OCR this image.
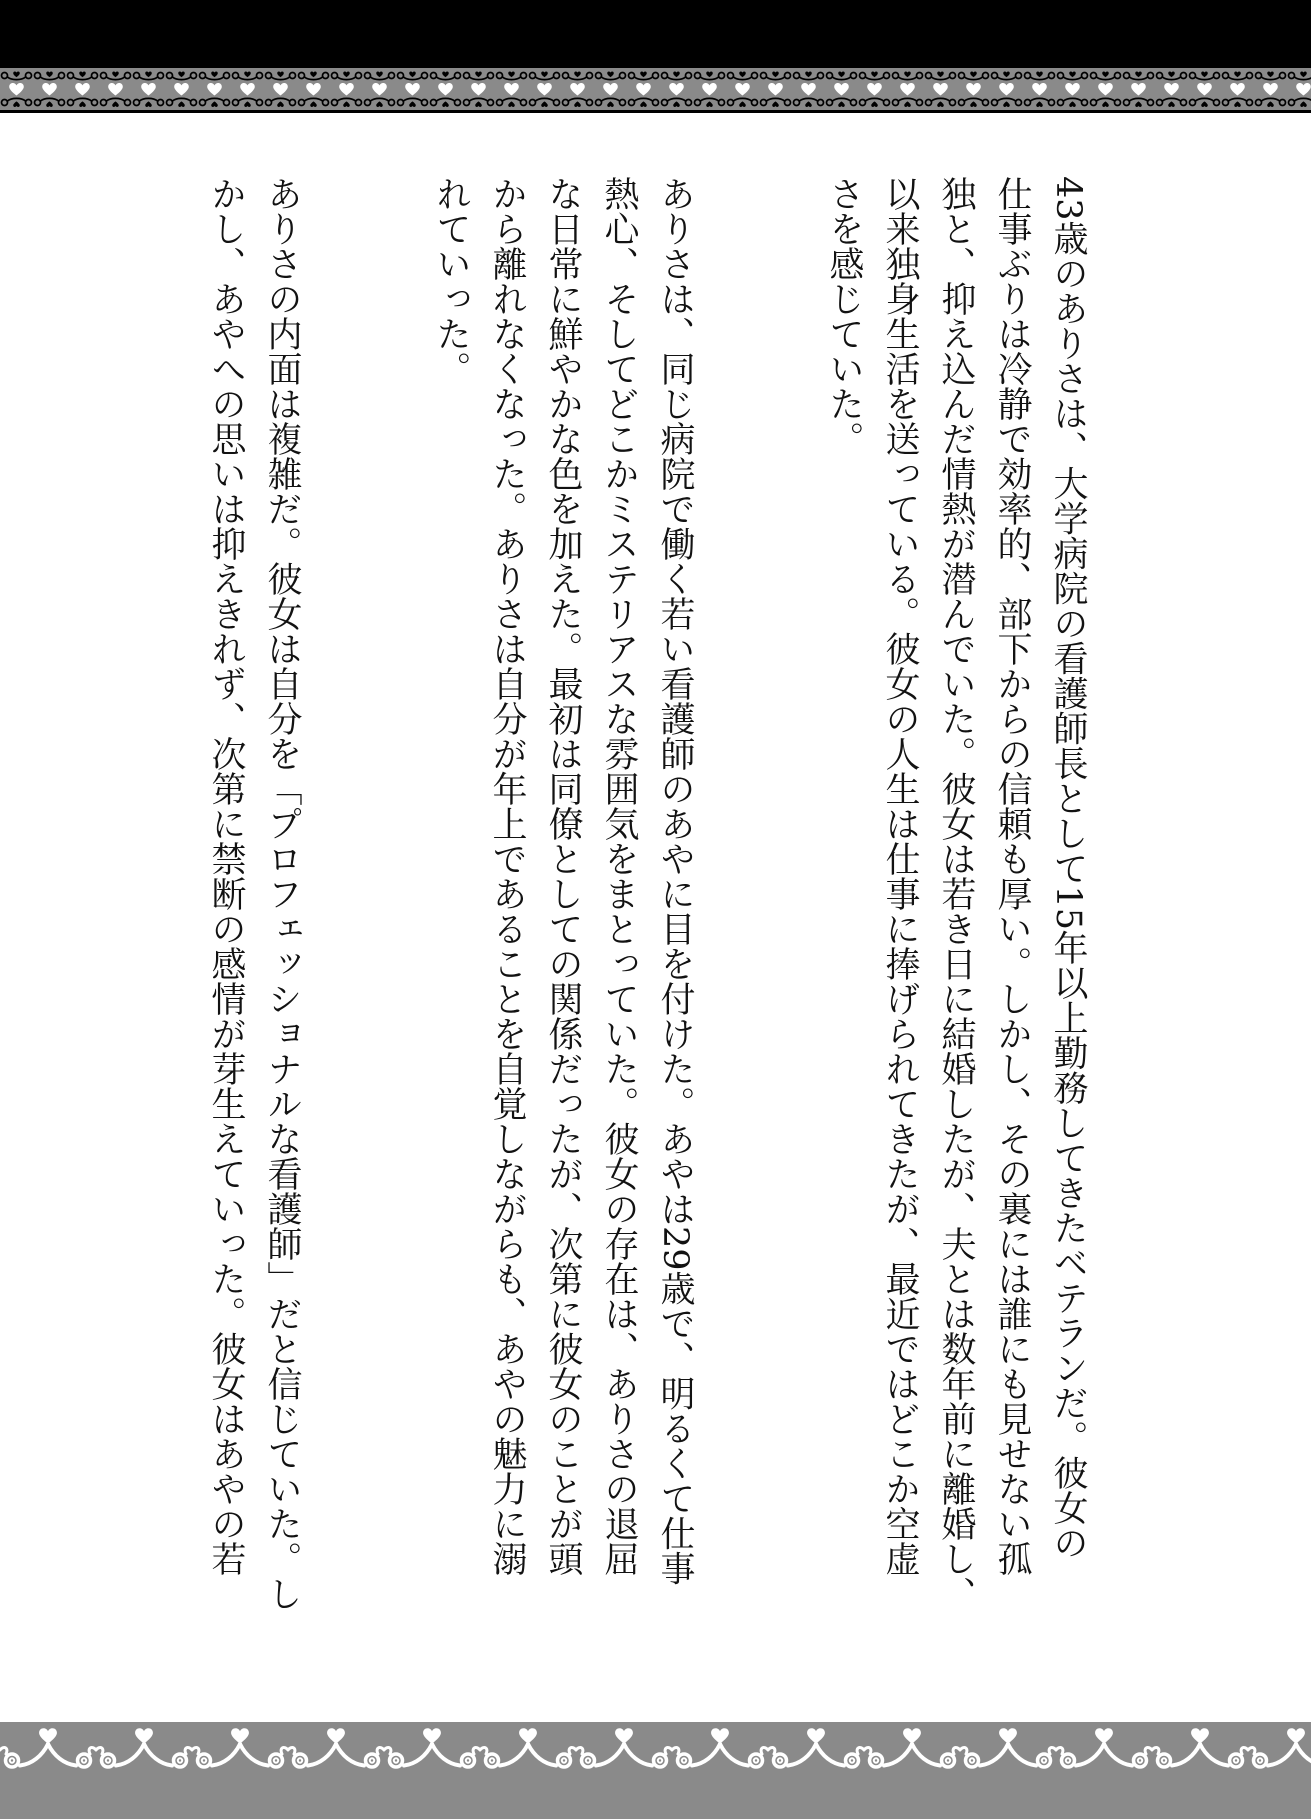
43歳のありさは、大学病院の看護師長として15年以上勤務してきたベテランだ。彼女の
仕事ぶりは冷静で効率的、部下からの信頼も厚い。しかし、その裏には誰にも見せない孤
独と、抑え込んだ情熱が潜んでいた。彼女は若き日に結婚したが、夫とは数年前に離婚し、
以来独身生活を送っている。彼女の人生は仕事に捧げられてきたが、最近ではどこか空虚
さを感じていた。

ありさは、同じ病院で働く若い看護師のあやに目を付けた。あやは29歳で、明るくて仕事
熱心、そしてどこかミステリアスな雰囲気をまとっていた。彼女の存在は、ありさの退屈
な日常に鮮やかな色を加えた。最初は同僚としての関係だったが、次第に彼女のことが頭
から離れなくなった。ありさは自分が年上であることを自覚しながらも、あやの魅力に溺
れていった。

ありさの内面は複雑だ。彼女は自分を「プロフェッショナルな看護師」だと信じていた。し
かし、あやへの思いは抑えきれず、次第に禁断の感情が芽生えていった。彼女はあやの若
